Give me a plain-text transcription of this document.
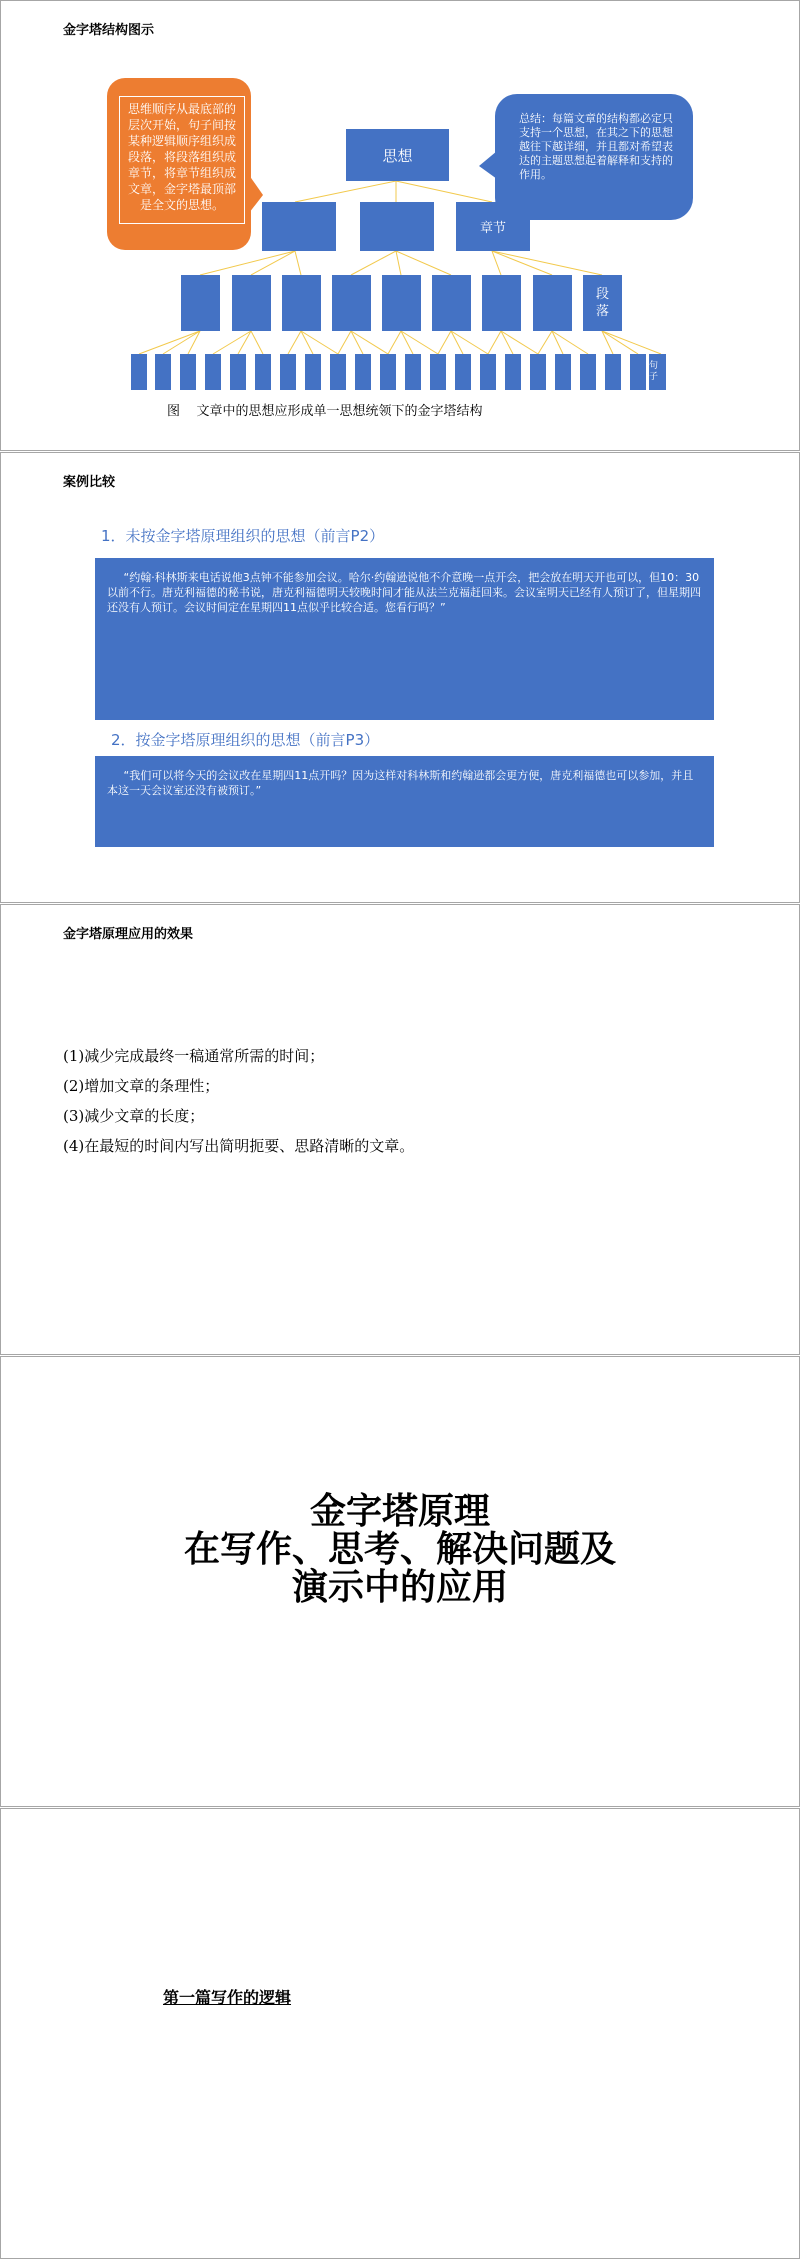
金字塔结构图示
思维顺序从最底部的层次开始，句子间按某种逻辑顺序组织成段落，将段落组织成章节，将章节组织成文章，金字塔最顶部是全文的思想。
总结：每篇文章的结构都必定只支持一个思想，在其之下的思想越往下越详细，并且都对希望表达的主题思想起着解释和支持的作用。
思想
章节
段落
句子
图    文章中的思想应形成单一思想统领下的金字塔结构
案例比较
1．未按金字塔原理组织的思想（前言P2）
“约翰·科林斯来电话说他3点钟不能参加会议。哈尔·约翰逊说他不介意晚一点开会，把会放在明天开也可以，但10：30以前不行。唐克利福德的秘书说，唐克利福德明天较晚时间才能从法兰克福赶回来。会议室明天已经有人预订了，但星期四还没有人预订。会议时间定在星期四11点似乎比较合适。您看行吗？”
2．按金字塔原理组织的思想（前言P3）
“我们可以将今天的会议改在星期四11点开吗？因为这样对科林斯和约翰逊都会更方便，唐克利福德也可以参加，并且本这一天会议室还没有被预订。”
金字塔原理应用的效果
(1)减少完成最终一稿通常所需的时间；
(2)增加文章的条理性；
(3)减少文章的长度；
(4)在最短的时间内写出简明扼要、思路清晰的文章。
金字塔原理
在写作、思考、解决问题及
演示中的应用
第一篇写作的逻辑
